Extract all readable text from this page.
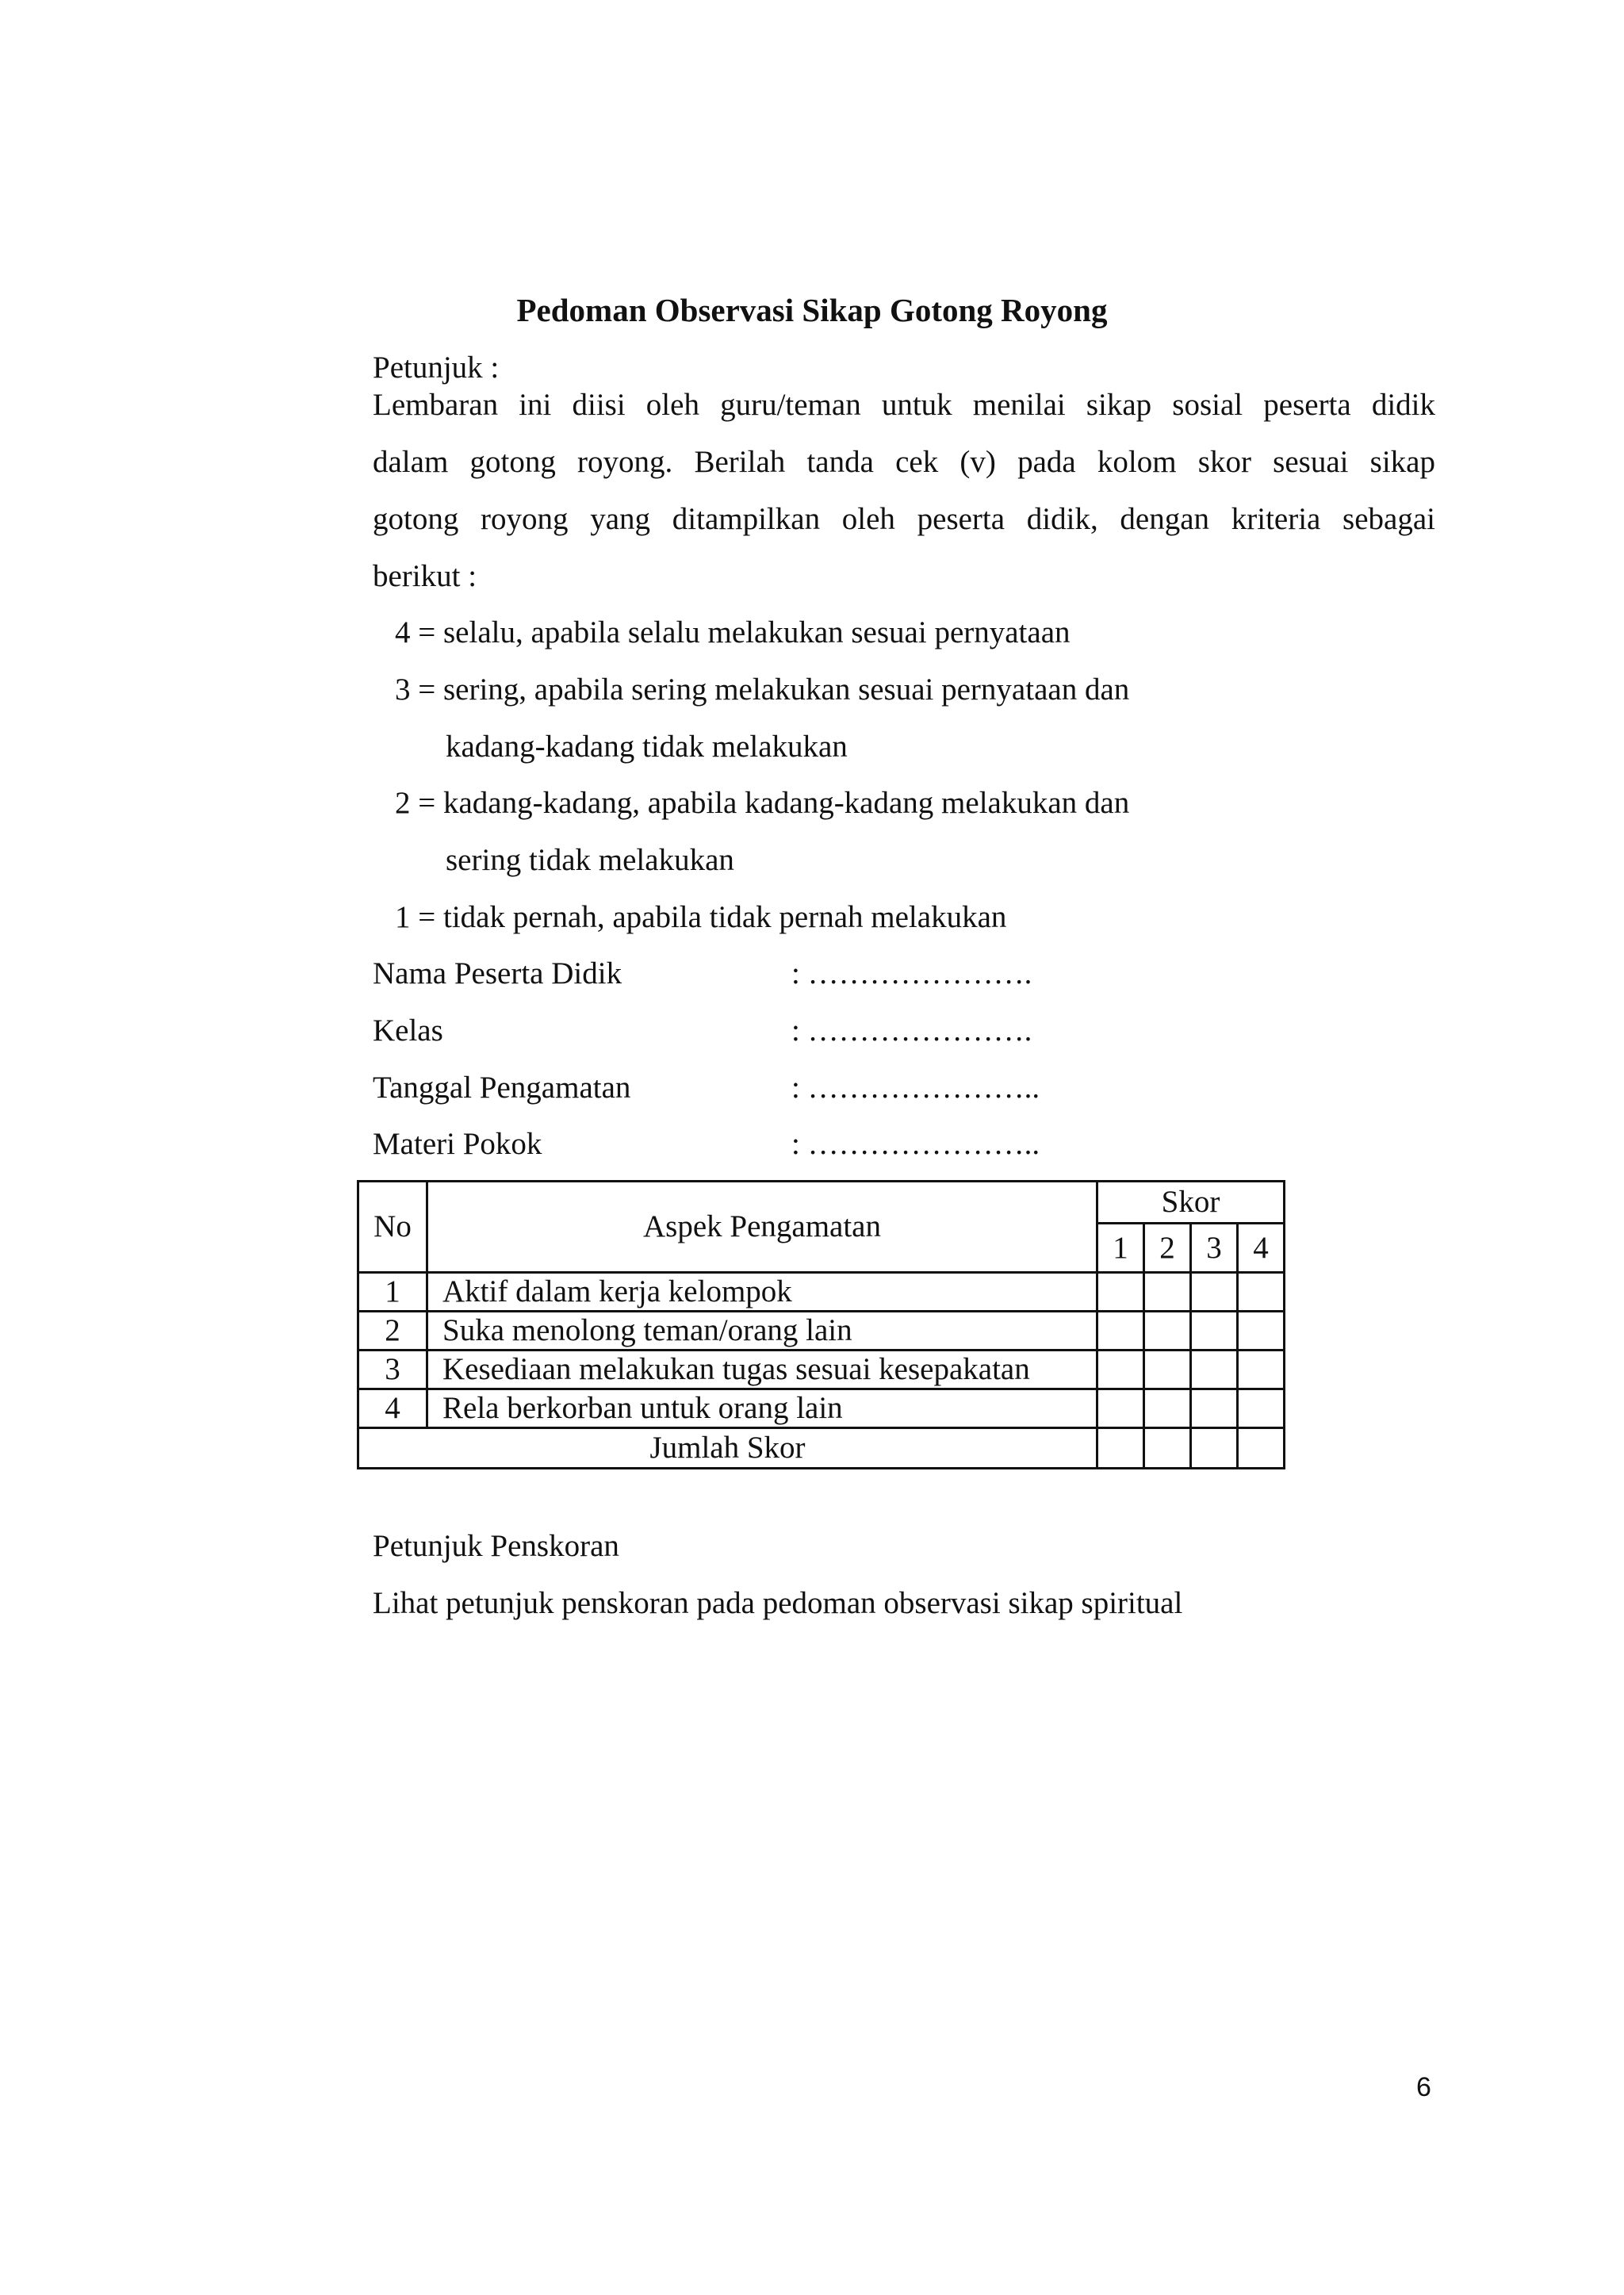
Pedoman Observasi Sikap Gotong Royong
Petunjuk :
Lembaran ini diisi oleh guru/teman untuk menilai sikap sosial peserta didik
dalam gotong royong. Berilah tanda cek (v) pada kolom skor sesuai sikap
gotong royong yang ditampilkan oleh peserta didik, dengan kriteria sebagai
berikut :
4 = selalu, apabila selalu melakukan sesuai pernyataan
3 = sering, apabila sering melakukan sesuai pernyataan dan
kadang-kadang tidak melakukan
2 = kadang-kadang, apabila kadang-kadang melakukan dan
sering tidak melakukan
1 = tidak pernah, apabila tidak pernah melakukan
Nama Peserta Didik	: ………………….
Kelas	: ………………….
Tanggal Pengamatan	: …………………..
Materi Pokok	: …………………..
No	Aspek Pengamatan	Skor			
		1	2	3	4
1	Aktif dalam kerja kelompok				
2	Suka menolong teman/orang lain				
3	Kesediaan melakukan tugas sesuai kesepakatan				
4	Rela berkorban untuk orang lain				
Jumlah Skor					
Petunjuk Penskoran
Lihat petunjuk penskoran pada pedoman observasi sikap spiritual
6
